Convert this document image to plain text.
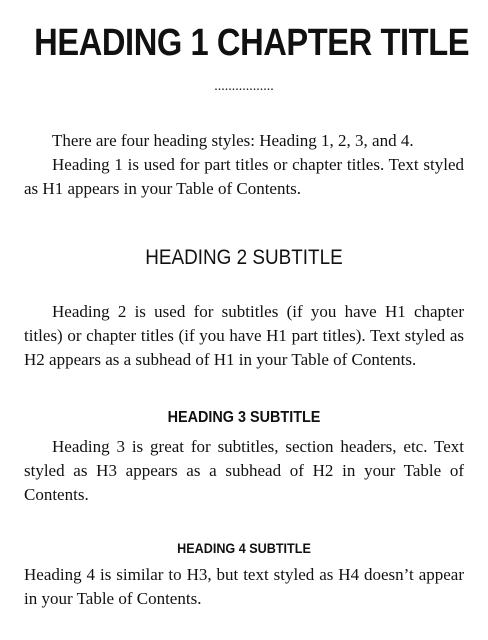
HEADING 1 CHAPTER TITLE
.................

There are four heading styles: Heading 1, 2, 3, and 4.

Heading 1 is used for part titles or chapter titles. Text styled as H1 appears in your Table of Contents.

HEADING 2 SUBTITLE

Heading 2 is used for subtitles (if you have H1 chapter titles) or chapter titles (if you have H1 part titles). Text styled as H2 appears as a subhead of H1 in your Table of Contents.

HEADING 3 SUBTITLE

Heading 3 is great for subtitles, section headers, etc. Text styled as H3 appears as a subhead of H2 in your Table of Contents.

HEADING 4 SUBTITLE

Heading 4 is similar to H3, but text styled as H4 doesn’t appear in your Table of Contents.
